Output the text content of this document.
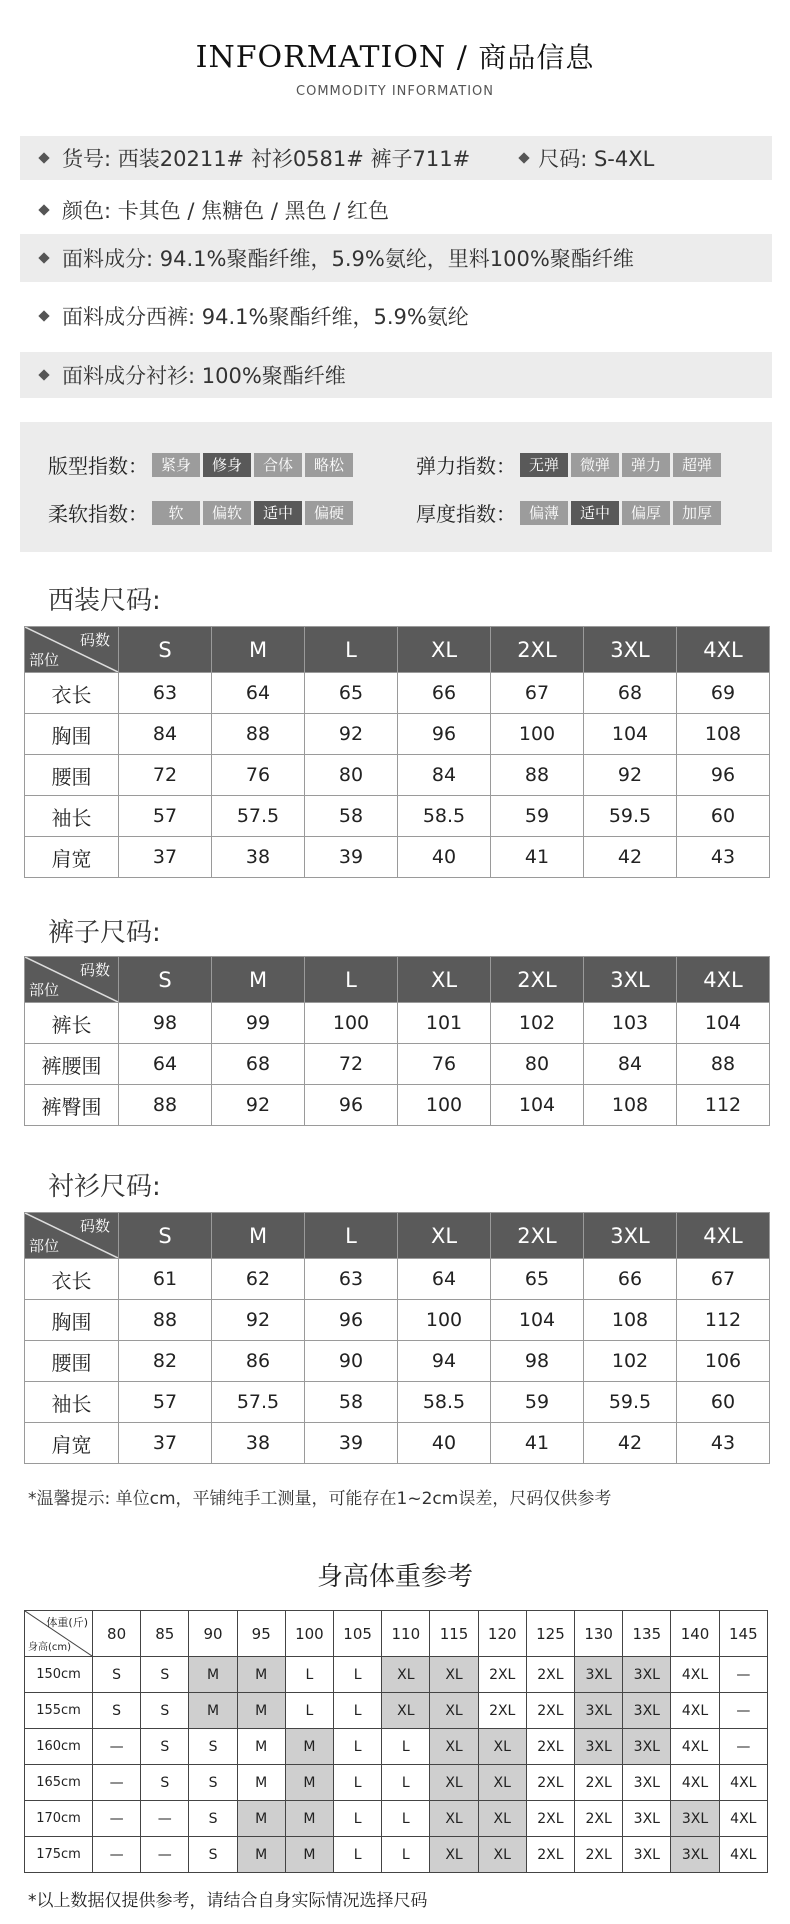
INFORMATION / 商品信息
COMMODITY INFORMATION
货号: 西装20211# 衬衫0581# 裤子711#	尺码: S-4XL
颜色: 卡其色 / 焦糖色 / 黑色 / 红色
面料成分: 94.1%聚酯纤维，5.9%氨纶，里料100%聚酯纤维
面料成分西裤: 94.1%聚酯纤维，5.9%氨纶
面料成分衬衫: 100%聚酯纤维
版型指数： 紧身	修身	合体	略松	弹力指数： 无弹	微弹	弹力	超弹
柔软指数：	软	偏软	适中	偏硬	厚度指数： 偏薄	适中	偏厚	加厚
西装尺码:
码数
部位	S	M	L	XL	2XL	3XL	4XL
衣长	63	64	65	66	67	68	69
胸围	84	88	92	96	100	104	108
腰围	72	76	80	84	88	92	96
袖长	57	57.5	58	58.5	59	59.5	60
肩宽	37	38	39	40	41	42	43
裤子尺码:
码数
部位	S	M	L	XL	2XL	3XL	4XL
裤长	98	99	100	101	102	103	104
裤腰围	64	68	72	76	80	84	88
裤臀围	88	92	96	100	104	108	112
衬衫尺码:
码数
部位	S	M	L	XL	2XL	3XL	4XL
衣长	61	62	63	64	65	66	67
胸围	88	92	96	100	104	108	112
腰围	82	86	90	94	98	102	106
袖长	57	57.5	58	58.5	59	59.5	60
肩宽	37	38	39	40	41	42	43
*温馨提示: 单位cm，平铺纯手工测量，可能存在1~2cm误差，尺码仅供参考
身高体重参考
体重(斤)
身高(cm)	80	85	90	95	100	105	110	115	120	125	130	135	140	145
150cm	S	S	M	M	L	L	XL	XL	2XL	2XL	3XL	3XL	4XL	—
155cm	S	S	M	M	L	L	XL	XL	2XL	2XL	3XL	3XL	4XL	—
160cm	—	S	S	M	M	L	L	XL	XL	2XL	3XL	3XL	4XL	—
165cm	—	S	S	M	M	L	L	XL	XL	2XL	2XL	3XL	4XL	4XL
170cm	—	—	S	M	M	L	L	XL	XL	2XL	2XL	3XL	3XL	4XL
175cm	—	—	S	M	M	L	L	XL	XL	2XL	2XL	3XL	3XL	4XL
*以上数据仅提供参考，请结合自身实际情况选择尺码
